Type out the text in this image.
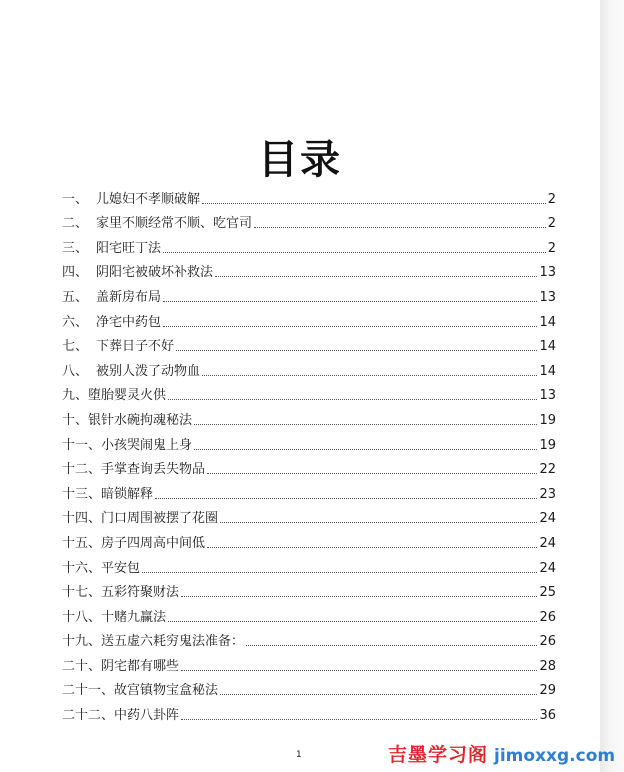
目录
一、 儿媳妇不孝顺破解	2
二、 家里不顺经常不顺、吃官司	2
三、 阳宅旺丁法	2
四、 阴阳宅被破坏补救法	13
五、 盖新房布局	13
六、 净宅中药包	14
七、 下葬日子不好	14
八、 被别人泼了动物血	14
九、 堕胎婴灵火供	13
十、 银针水碗拘魂秘法	19
十一、 小孩哭闹鬼上身	19
十二、 手掌查询丢失物品	22
十三、 暗锁解释	23
十四、 门口周围被摆了花圈	24
十五、 房子四周高中间低	24
十六、 平安包	24
十七、 五彩符聚财法	25
十八、 十赌九赢法	26
十九、 送五虚六耗穷鬼法准备：	26
二十、 阴宅都有哪些	28
二十一、 故宫镇物宝盒秘法	29
二十二、 中药八卦阵	36
1	吉墨学习阁 jimoxxg.com
